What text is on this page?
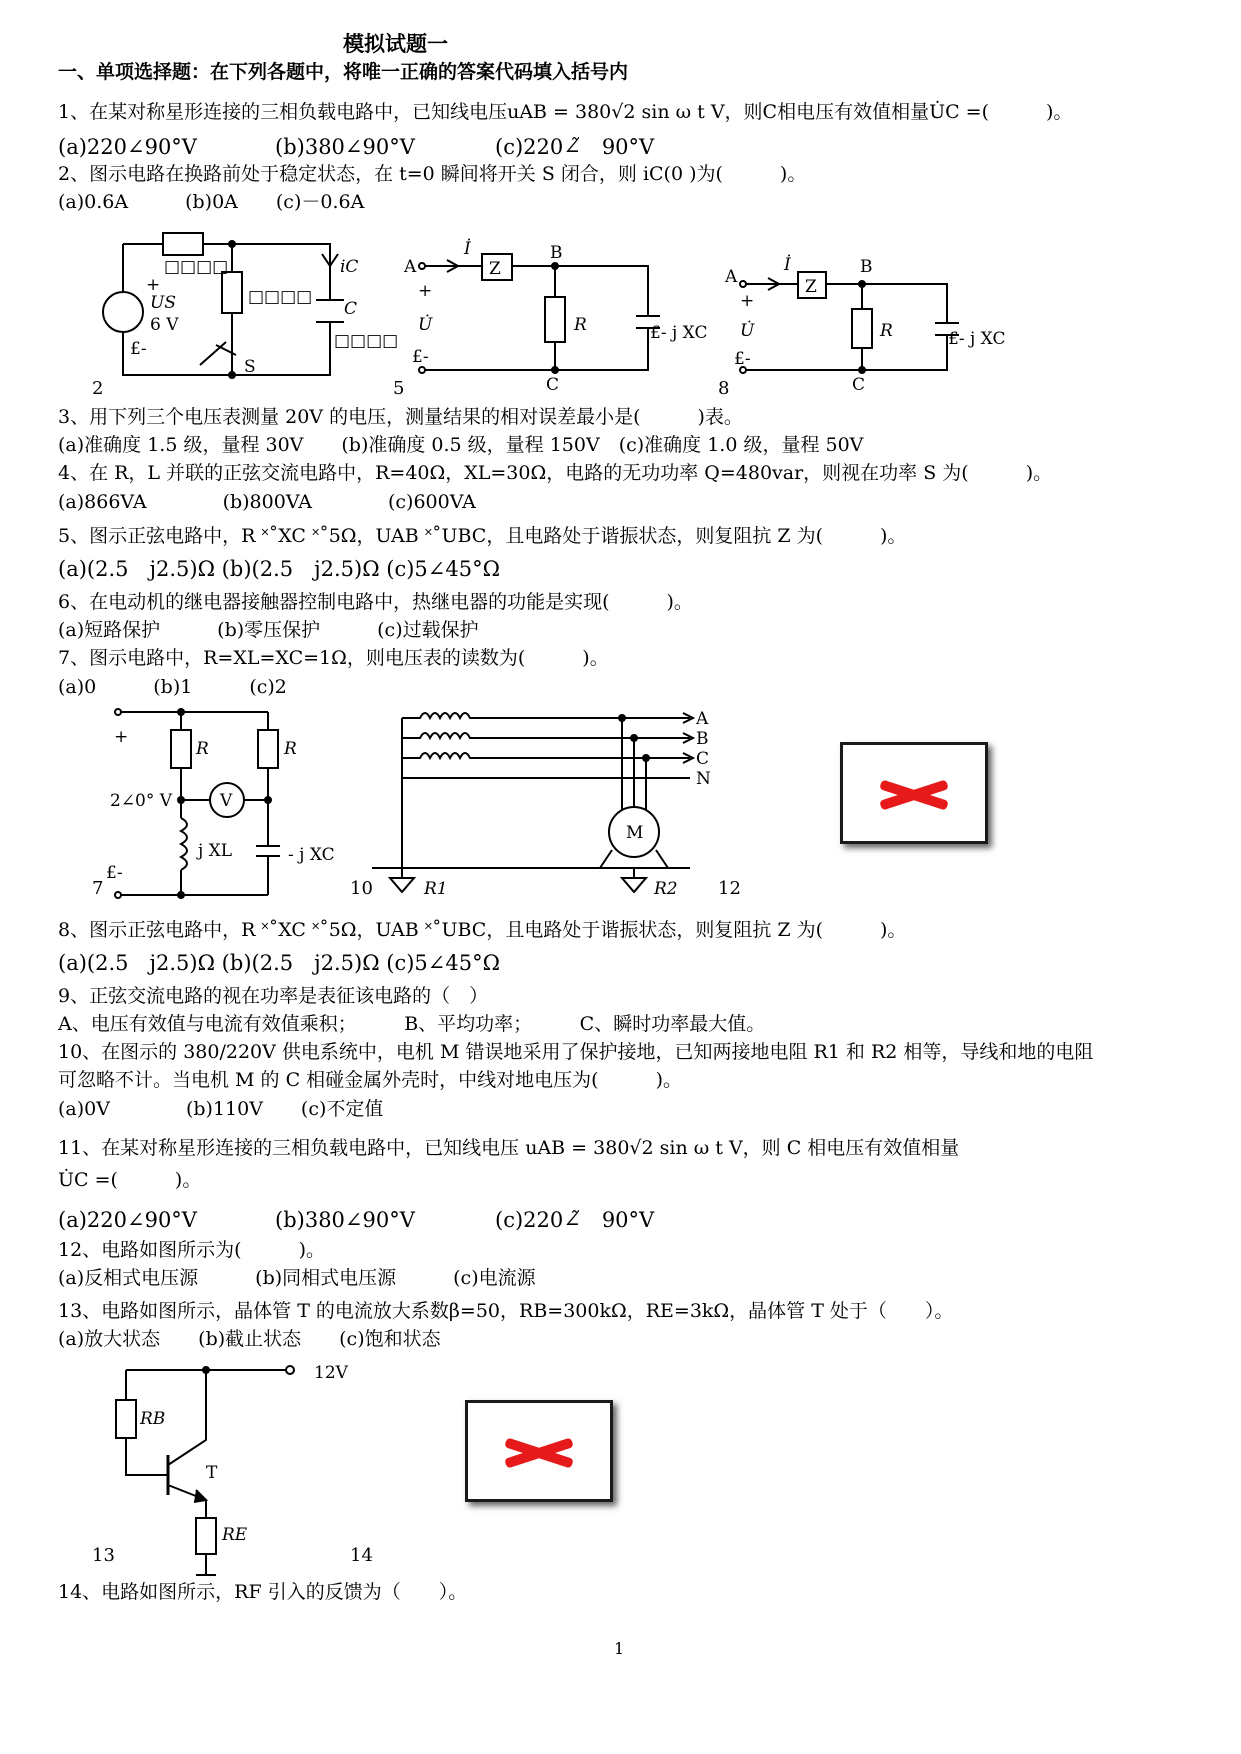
模拟试题一
一、单项选择题：在下列各题中，将唯一正确的答案代码填入括号内
1、在某对称星形连接的三相负载电路中，已知线电压uAB = 380√2 sin ω t V，则C相电压有效值相量U̇C =(　　　)。
(a)220∠90°V	(b)380∠90°V	(c)220∠̃　90°V
2、图示电路在换路前处于稳定状态，在 t=0 瞬间将开关 S 闭合，则 iC(0 )为(　　　)。
(a)0.6A　　　(b)0A　　(c)－0.6A
3、用下列三个电压表测量 20V 的电压，测量结果的相对误差最小是(　　　)表。
(a)准确度 1.5 级，量程 30V　　(b)准确度 0.5 级，量程 150V　(c)准确度 1.0 级，量程 50V
4、在 R，L 并联的正弦交流电路中，R=40Ω，XL=30Ω，电路的无功功率 Q=480var，则视在功率 S 为(　　　)。
(a)866VA　　　　(b)800VA　　　　(c)600VA
5、图示正弦电路中，R ˟˚XC ˟˚5Ω，UAB ˟˚UBC，且电路处于谐振状态，则复阻抗 Z 为(　　　)。
(a)(2.5　j2.5)Ω (b)(2.5　j2.5)Ω (c)5∠45°Ω
6、在电动机的继电器接触器控制电路中，热继电器的功能是实现(　　　)。
(a)短路保护　　　(b)零压保护　　　(c)过载保护
7、图示电路中，R=XL=XC=1Ω，则电压表的读数为(　　　)。
(a)0　　　(b)1　　　(c)2
8、图示正弦电路中，R ˟˚XC ˟˚5Ω，UAB ˟˚UBC，且电路处于谐振状态，则复阻抗 Z 为(　　　)。
(a)(2.5　j2.5)Ω (b)(2.5　j2.5)Ω (c)5∠45°Ω
9、正弦交流电路的视在功率是表征该电路的（　）
A、电压有效值与电流有效值乘积；　　　B、平均功率；　　　C、瞬时功率最大值。
10、在图示的 380/220V 供电系统中，电机 M 错误地采用了保护接地，已知两接地电阻 R1 和 R2 相等，导线和地的电阻
可忽略不计。当电机 M 的 C 相碰金属外壳时，中线对地电压为(　　　)。
(a)0V　　　　(b)110V　　(c)不定值
11、在某对称星形连接的三相负载电路中，已知线电压 uAB = 380√2 sin ω t V，则 C 相电压有效值相量
U̇C =(　　　)。
(a)220∠90°V	(b)380∠90°V	(c)220∠̃　90°V
12、电路如图所示为(　　　)。
(a)反相式电压源　　　(b)同相式电压源　　　(c)电流源
13、电路如图所示，晶体管 T 的电流放大系数β=50，RB=300kΩ，RE=3kΩ，晶体管 T 处于（　　）。
(a)放大状态　　(b)截止状态　　(c)饱和状态
14、电路如图所示，RF 引入的反馈为（　　）。
1
2	5	8
7	10	12
13	14
+
US
6 V
£-
□□□□
□□□□
□□□□
iC
C
S
A
İ
Z
B
+
U̇
£-
R	£- j XC
C
A
İ
Z
B
+
U̇
£-
R	£- j XC
C
+
R	R
2∠0° V	V
j XL	- j XC
£-
A
B
C
N
M
R1	R2
12V
RB
T
RE
